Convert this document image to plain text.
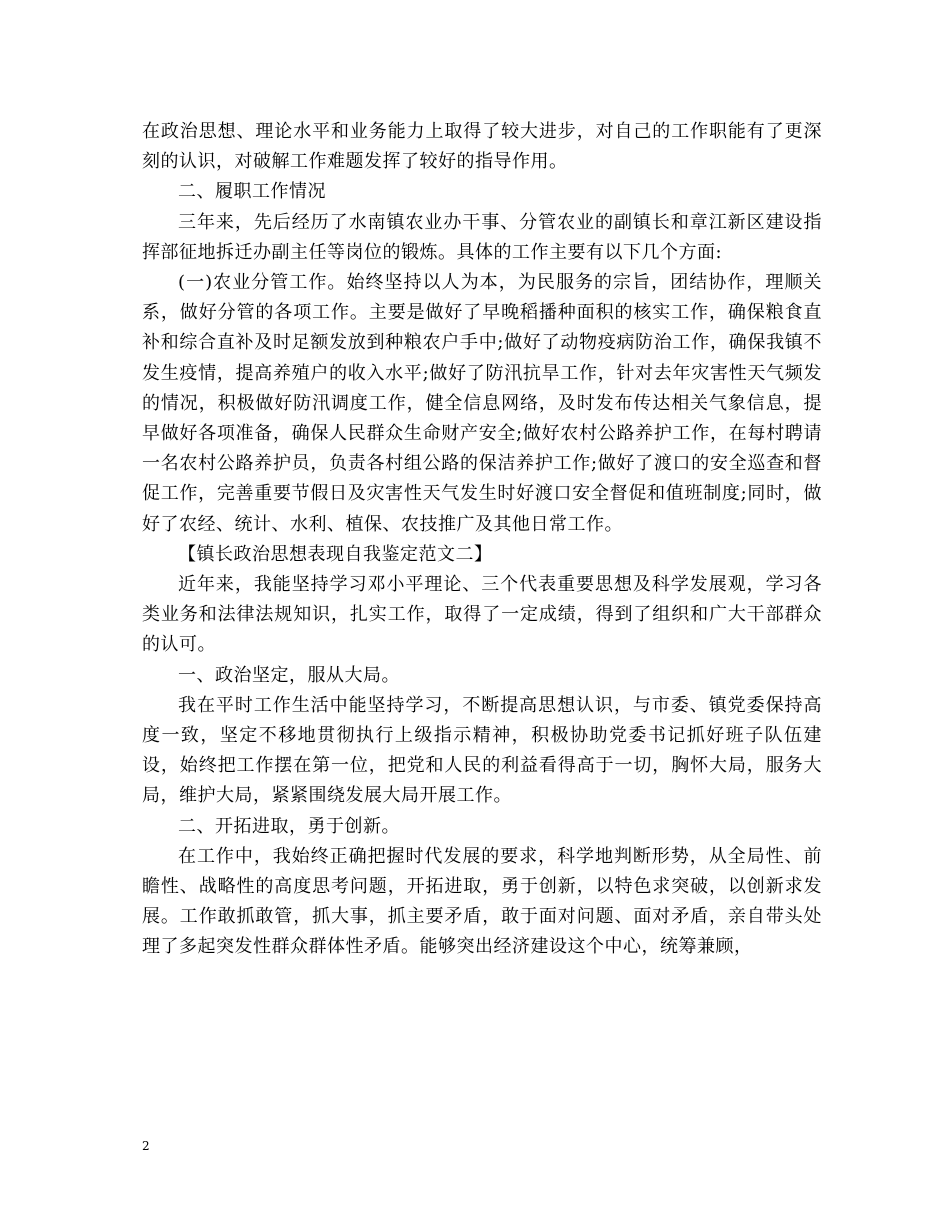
在政治思想、理论水平和业务能力上取得了较大进步，对自己的工作职能有了更深刻的认识，对破解工作难题发挥了较好的指导作用。

二、履职工作情况

三年来，先后经历了水南镇农业办干事、分管农业的副镇长和章江新区建设指挥部征地拆迁办副主任等岗位的锻炼。具体的工作主要有以下几个方面:

(一)农业分管工作。始终坚持以人为本，为民服务的宗旨，团结协作，理顺关系，做好分管的各项工作。主要是做好了早晚稻播种面积的核实工作，确保粮食直补和综合直补及时足额发放到种粮农户手中;做好了动物疫病防治工作，确保我镇不发生疫情，提高养殖户的收入水平;做好了防汛抗旱工作，针对去年灾害性天气频发的情况，积极做好防汛调度工作，健全信息网络，及时发布传达相关气象信息，提早做好各项准备，确保人民群众生命财产安全;做好农村公路养护工作，在每村聘请一名农村公路养护员，负责各村组公路的保洁养护工作;做好了渡口的安全巡查和督促工作，完善重要节假日及灾害性天气发生时好渡口安全督促和值班制度;同时，做好了农经、统计、水利、植保、农技推广及其他日常工作。

【镇长政治思想表现自我鉴定范文二】

近年来，我能坚持学习邓小平理论、三个代表重要思想及科学发展观，学习各类业务和法律法规知识，扎实工作，取得了一定成绩，得到了组织和广大干部群众的认可。

一、政治坚定，服从大局。

我在平时工作生活中能坚持学习，不断提高思想认识，与市委、镇党委保持高度一致，坚定不移地贯彻执行上级指示精神，积极协助党委书记抓好班子队伍建设，始终把工作摆在第一位，把党和人民的利益看得高于一切，胸怀大局，服务大局，维护大局，紧紧围绕发展大局开展工作。

二、开拓进取，勇于创新。

在工作中，我始终正确把握时代发展的要求，科学地判断形势，从全局性、前瞻性、战略性的高度思考问题，开拓进取，勇于创新，以特色求突破，以创新求发展。工作敢抓敢管，抓大事，抓主要矛盾，敢于面对问题、面对矛盾，亲自带头处理了多起突发性群众群体性矛盾。能够突出经济建设这个中心，统筹兼顾，

2
